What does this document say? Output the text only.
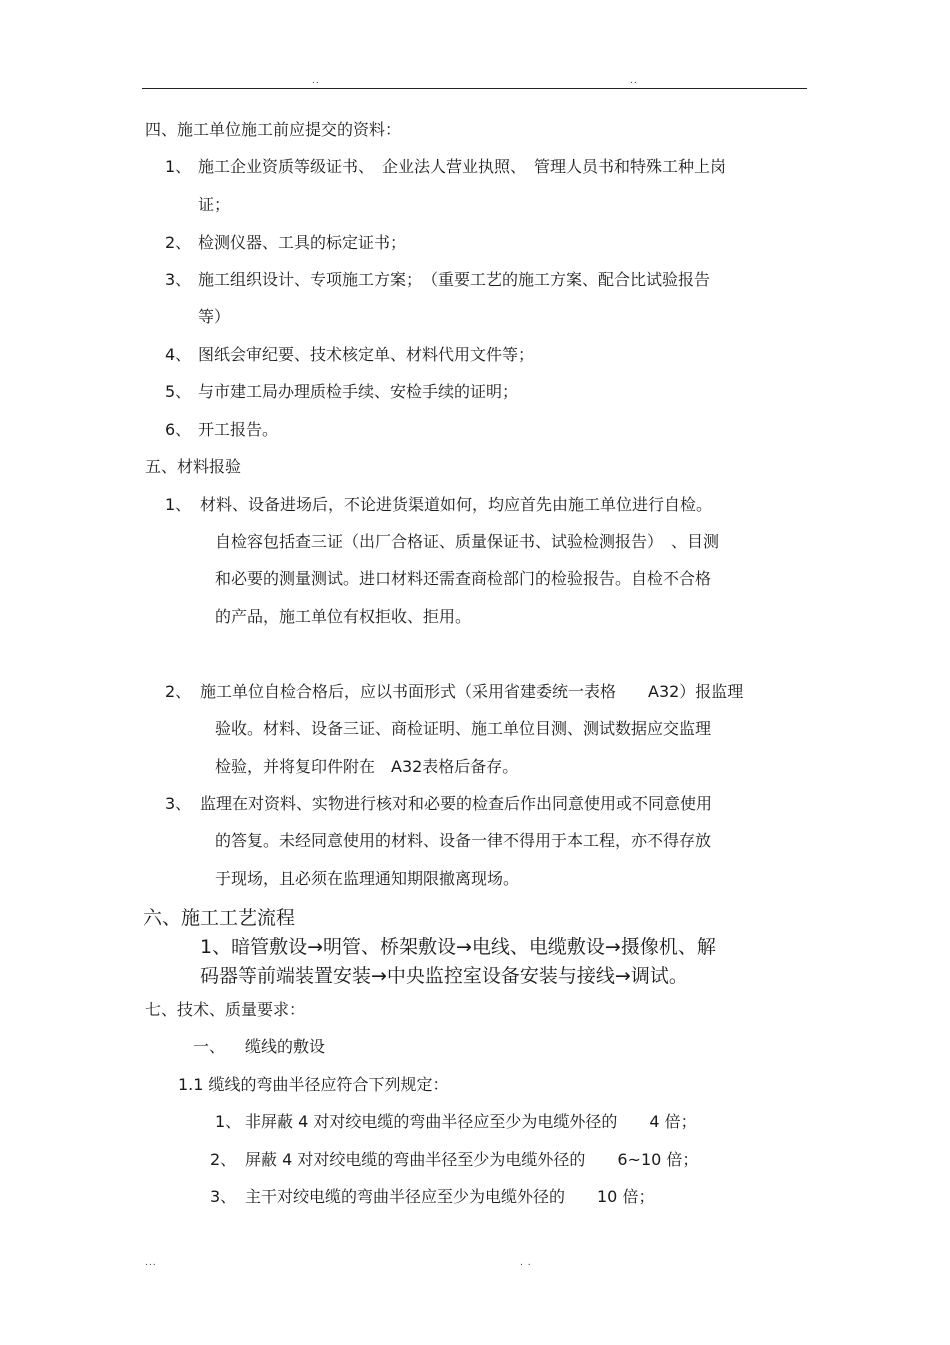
..	..
四、施工单位施工前应提交的资料：
1、 施工企业资质等级证书、　企业法人营业执照、　管理人员书和特殊工种上岗
证；
2、 检测仪器、工具的标定证书；
3、 施工组织设计、专项施工方案；　（重要工艺的施工方案、配合比试验报告
等）
4、 图纸会审纪要、技术核定单、材料代用文件等；
5、 与市建工局办理质检手续、安检手续的证明；
6、 开工报告。
五、材料报验
1、 材料、设备进场后，不论进货渠道如何，均应首先由施工单位进行自检。
自检容包括查三证（出厂合格证、质量保证书、试验检测报告）　、目测
和必要的测量测试。进口材料还需查商检部门的检验报告。自检不合格
的产品，施工单位有权拒收、拒用。
2、 施工单位自检合格后，应以书面形式（采用省建委统一表格　　A32）报监理
验收。材料、设备三证、商检证明、施工单位目测、测试数据应交监理
检验，并将复印件附在　A32表格后备存。
3、 监理在对资料、实物进行核对和必要的检查后作出同意使用或不同意使用
的答复。未经同意使用的材料、设备一律不得用于本工程，亦不得存放
于现场，且必须在监理通知期限撤离现场。
六、施工工艺流程
1、暗管敷设→明管、桥架敷设→电线、电缆敷设→摄像机、解
码器等前端装置安装→中央监控室设备安装与接线→调试。
七、技术、质量要求：
一、 缆线的敷设
1.1 缆线的弯曲半径应符合下列规定：
1、 非屏蔽 4 对对绞电缆的弯曲半径应至少为电缆外径的　　4 倍；
2、 屏蔽 4 对对绞电缆的弯曲半径至少为电缆外径的　　6~10 倍；
3、 主干对绞电缆的弯曲半径应至少为电缆外径的　　10 倍；
...	. .
